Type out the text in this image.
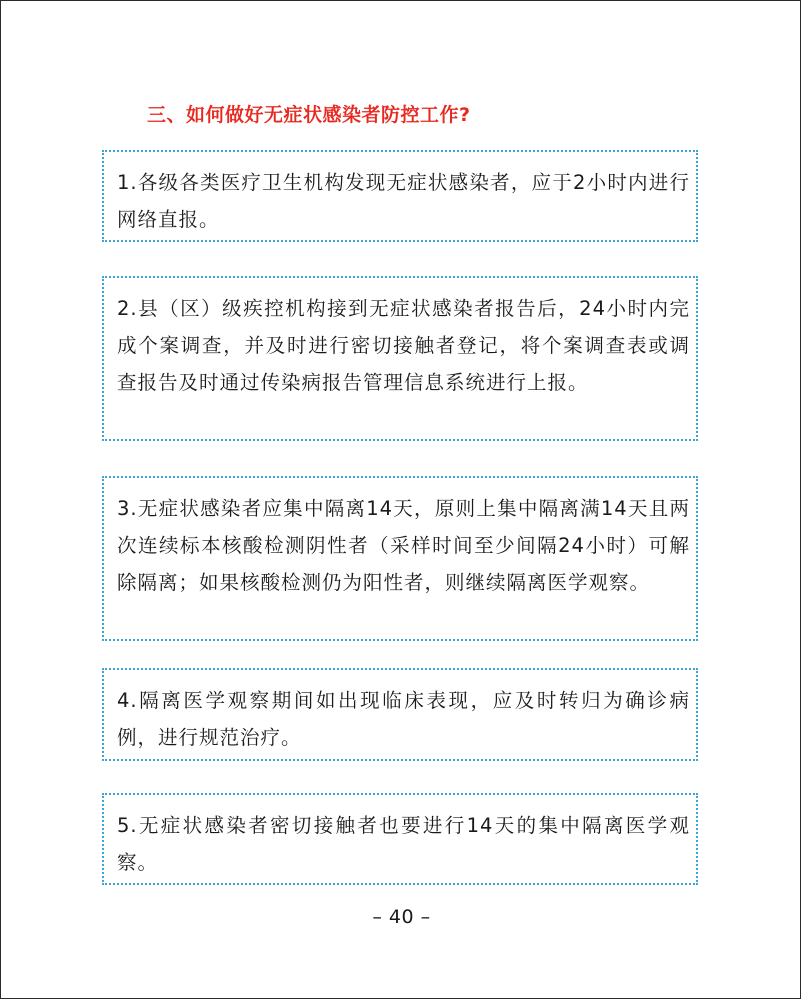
三、如何做好无症状感染者防控工作?

1.各级各类医疗卫生机构发现无症状感染者，应于2小时内进行网络直报。

2.县（区）级疾控机构接到无症状感染者报告后，24小时内完成个案调查，并及时进行密切接触者登记，将个案调查表或调查报告及时通过传染病报告管理信息系统进行上报。

3.无症状感染者应集中隔离14天，原则上集中隔离满14天且两次连续标本核酸检测阴性者（采样时间至少间隔24小时）可解除隔离；如果核酸检测仍为阳性者，则继续隔离医学观察。

4.隔离医学观察期间如出现临床表现，应及时转归为确诊病例，进行规范治疗。

5.无症状感染者密切接触者也要进行14天的集中隔离医学观察。

– 40 –
